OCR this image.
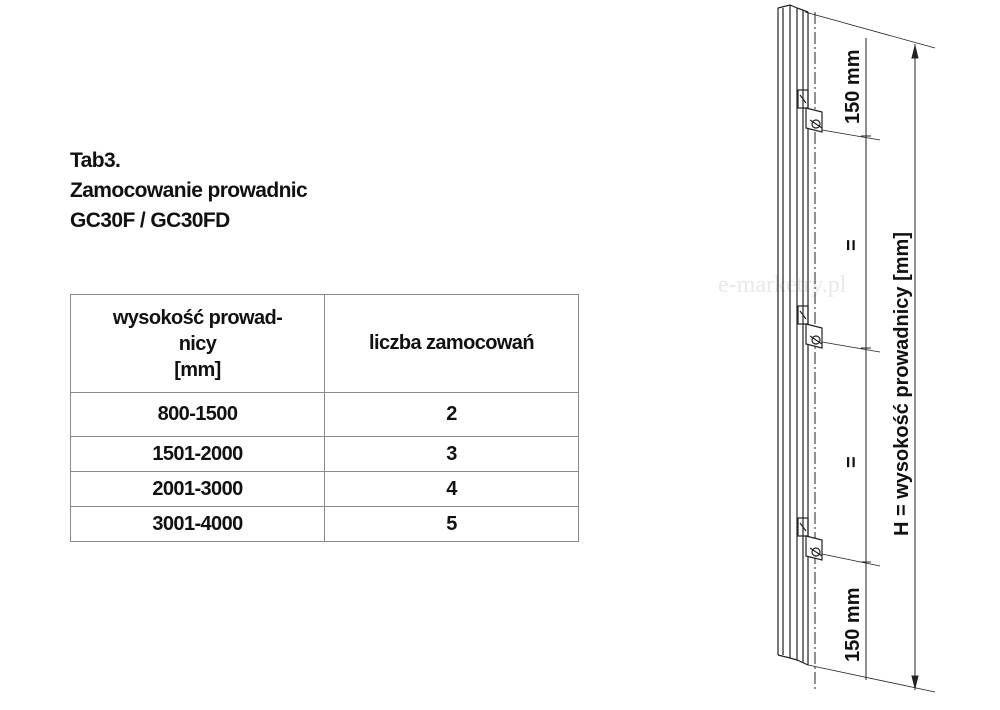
Tab3.
Zamocowanie prowadnic
GC30F / GC30FD
wysokość prowad-
nicy
[mm]	liczba zamocowań
800-1500	2
1501-2000	3
2001-3000	4
3001-4000	5
e-marketry.pl
150 mm
150 mm
=
= H = wysokość prowadnicy [mm]
